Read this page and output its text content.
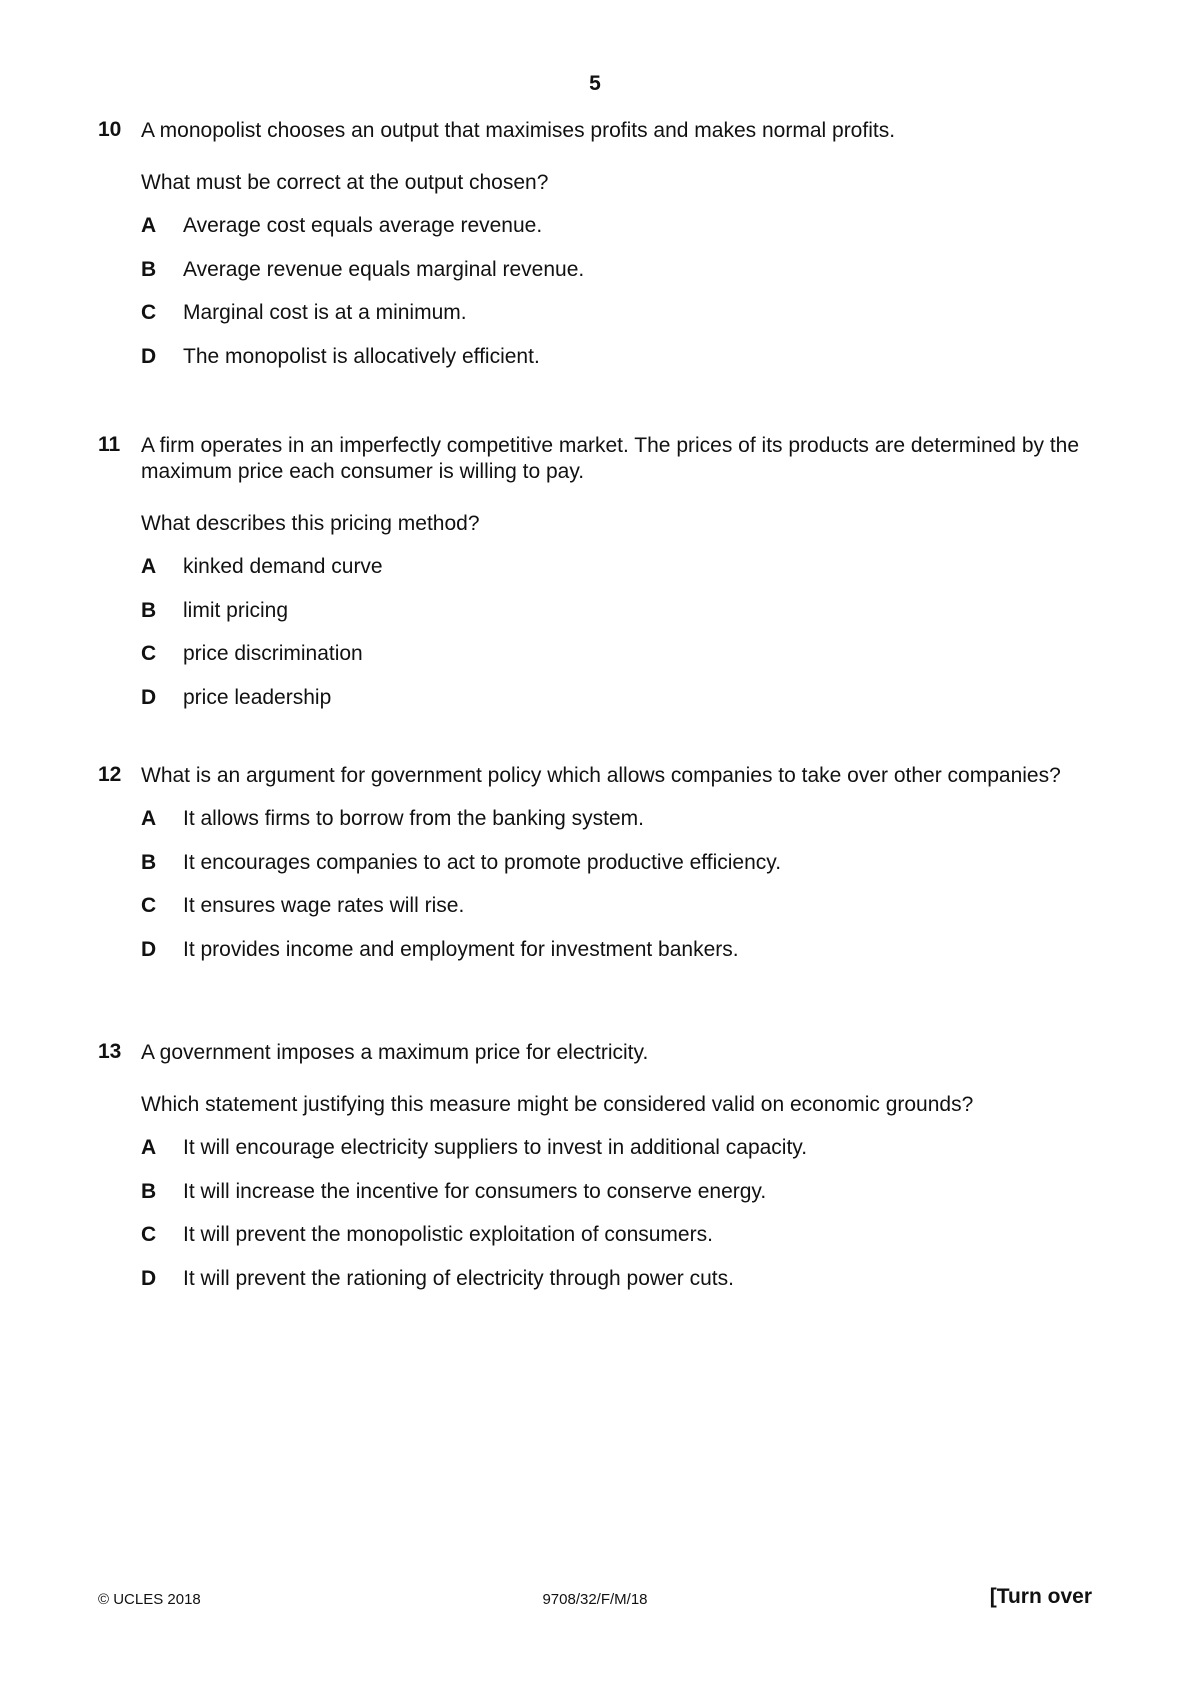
5
10 A monopolist chooses an output that maximises profits and makes normal profits.

What must be correct at the output chosen?

A Average cost equals average revenue.
B Average revenue equals marginal revenue.
C Marginal cost is at a minimum.
D The monopolist is allocatively efficient.
11 A firm operates in an imperfectly competitive market. The prices of its products are determined by the maximum price each consumer is willing to pay.

What describes this pricing method?

A kinked demand curve
B limit pricing
C price discrimination
D price leadership
12 What is an argument for government policy which allows companies to take over other companies?

A It allows firms to borrow from the banking system.
B It encourages companies to act to promote productive efficiency.
C It ensures wage rates will rise.
D It provides income and employment for investment bankers.
13 A government imposes a maximum price for electricity.

Which statement justifying this measure might be considered valid on economic grounds?

A It will encourage electricity suppliers to invest in additional capacity.
B It will increase the incentive for consumers to conserve energy.
C It will prevent the monopolistic exploitation of consumers.
D It will prevent the rationing of electricity through power cuts.
© UCLES 2018	9708/32/F/M/18	[Turn over
